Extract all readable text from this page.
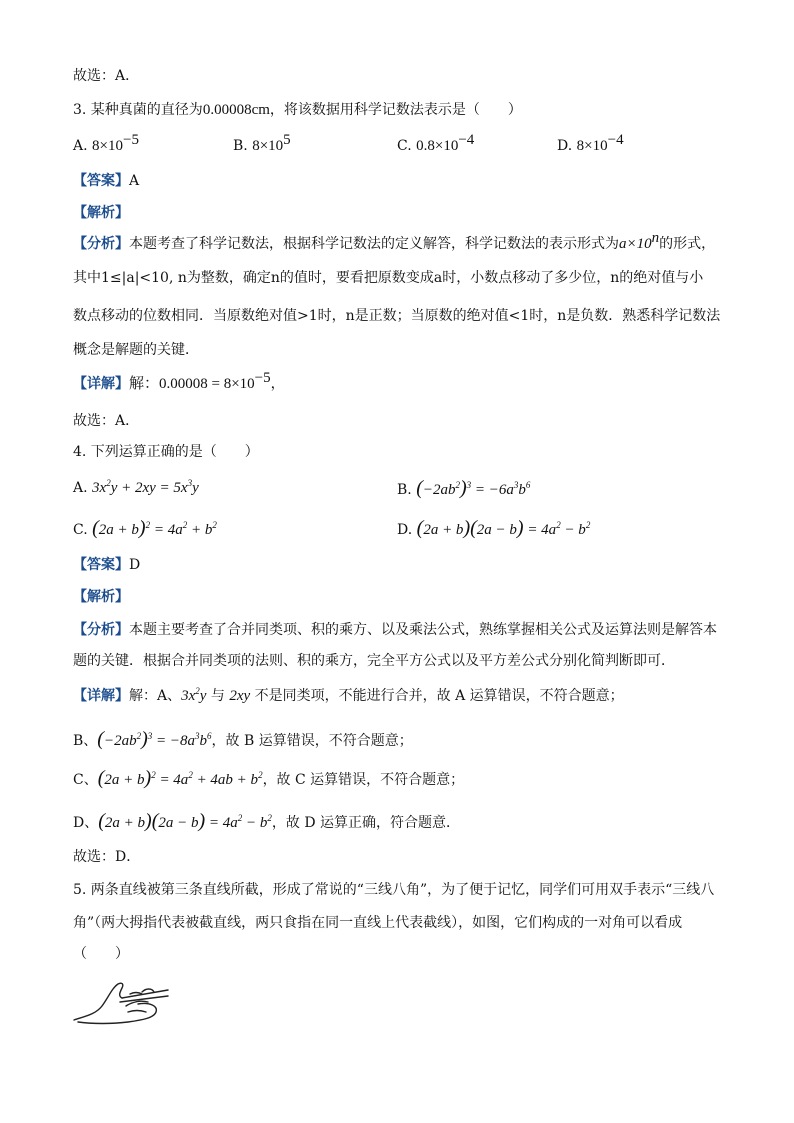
故选：A．
3. 某种真菌的直径为0.00008cm，将该数据用科学记数法表示是（　　）
A. $8\times 10^{-5}$	B. $8\times 10^5$	C. $0.8\times 10^{-4}$	D. $8\times 10^{-4}$
【答案】A
【解析】
【分析】本题考查了科学记数法，根据科学记数法的定义解答，科学记数法的表示形式为$a\times 10^n$的形式，
其中1≤|a|<10, n为整数，确定n的值时，要看把原数变成a时，小数点移动了多少位，n的绝对值与小
数点移动的位数相同．当原数绝对值>1时，n是正数；当原数的绝对值<1时，n是负数．熟悉科学记数法
概念是解题的关键．
【详解】解：$0.00008 = 8\times 10^{-5}$，
故选：A．
4. 下列运算正确的是（　　）
A. $3x^2y + 2xy = 5x^3y$	B. $(-2ab^2)^3 = -6a^3b^6$
C. $(2a + b)^2 = 4a^2 + b^2$	D. $(2a + b)(2a - b) = 4a^2 - b^2$
【答案】D
【解析】
【分析】本题主要考查了合并同类项、积的乘方、以及乘法公式，熟练掌握相关公式及运算法则是解答本
题的关键．根据合并同类项的法则、积的乘方，完全平方公式以及平方差公式分别化简判断即可．
【详解】解：A、$3x^2y$ 与 2xy 不是同类项，不能进行合并，故 A 运算错误，不符合题意；
B、$(-2ab^2)^3 = -8a^3b^6$，故 B 运算错误，不符合题意；
C、$(2a + b)^2 = 4a^2 + 4ab + b^2$，故 C 运算错误，不符合题意；
D、$(2a + b)(2a - b) = 4a^2 - b^2$，故 D 运算正确，符合题意．
故选：D．
5. 两条直线被第三条直线所截，形成了常说的“三线八角”，为了便于记忆，同学们可用双手表示“三线八
角”（两大拇指代表被截直线，两只食指在同一直线上代表截线），如图，它们构成的一对角可以看成
（　　）
